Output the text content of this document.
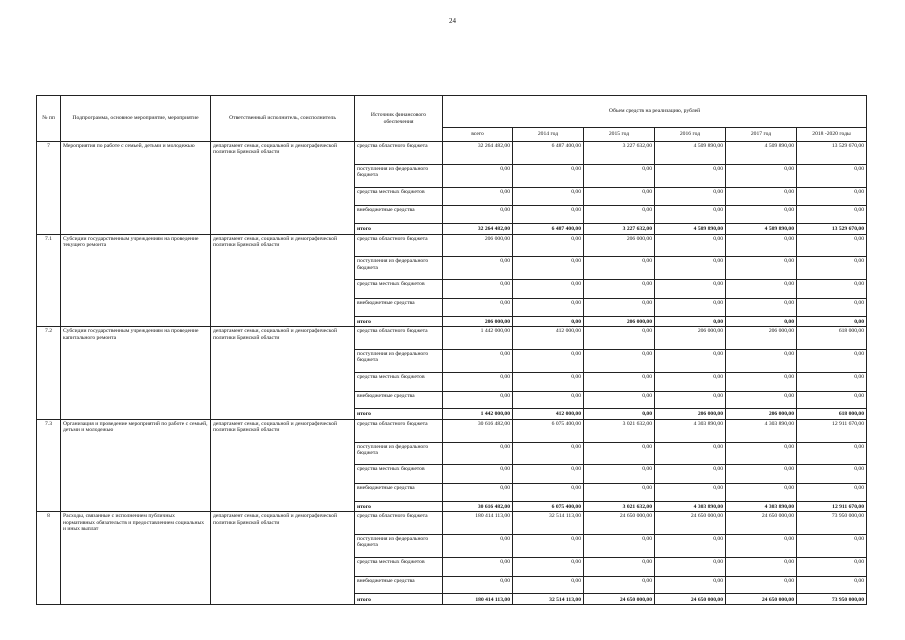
24
№ пп	Подпрограмма, основное мероприятие, мероприятие	Ответственный исполнитель, соисполнитель	Источник финансового обеспечения	Объем средств на реализацию, рублей					
				всего	2014 год	2015 год	2016 год	2017 год	2018 -2020 годы
7	Мероприятия по работе с семьей, детьми и молодежью	департамент семьи, социальной и демографической политики Брянской области	средства областного бюджета	32 264 482,00	6 487 400,00	3 227 632,00	4 509 890,00	4 509 890,00	13 529 670,00
			поступления из федерального бюджета	0,00	0,00	0,00	0,00	0,00	0,00
			средства местных бюджетов	0,00	0,00	0,00	0,00	0,00	0,00
			внебюджетные средства	0,00	0,00	0,00	0,00	0,00	0,00
			итого	32 264 482,00	6 487 400,00	3 227 632,00	4 509 890,00	4 509 890,00	13 529 670,00
7.1	Субсидии государственным учреждениям на проведение текущего ремонта	департамент семьи, социальной и демографической политики Брянской области	средства областного бюджета	206 000,00	0,00	206 000,00	0,00	0,00	0,00
			поступления из федерального бюджета	0,00	0,00	0,00	0,00	0,00	0,00
			средства местных бюджетов	0,00	0,00	0,00	0,00	0,00	0,00
			внебюджетные средства	0,00	0,00	0,00	0,00	0,00	0,00
			итого	206 000,00	0,00	206 000,00	0,00	0,00	0,00
7.2	Субсидии государственным учреждениям на проведение капитального ремонта	департамент семьи, социальной и демографической политики Брянской области	средства областного бюджета	1 442 000,00	412 000,00	0,00	206 000,00	206 000,00	618 000,00
			поступления из федерального бюджета	0,00	0,00	0,00	0,00	0,00	0,00
			средства местных бюджетов	0,00	0,00	0,00	0,00	0,00	0,00
			внебюджетные средства	0,00	0,00	0,00	0,00	0,00	0,00
			итого	1 442 000,00	412 000,00	0,00	206 000,00	206 000,00	618 000,00
7.3	Организация и проведение мероприятий по работе с семьей, детьми и молодежью	департамент семьи, социальной и демографической политики Брянской области	средства областного бюджета	30 616 482,00	6 075 400,00	3 021 632,00	4 303 890,00	4 303 890,00	12 911 670,00
			поступления из федерального бюджета	0,00	0,00	0,00	0,00	0,00	0,00
			средства местных бюджетов	0,00	0,00	0,00	0,00	0,00	0,00
			внебюджетные средства	0,00	0,00	0,00	0,00	0,00	0,00
			итого	30 616 482,00	6 075 400,00	3 021 632,00	4 303 890,00	4 303 890,00	12 911 670,00
8	Расходы, связанные с исполнением публичных нормативных обязательств и предоставлением социальных и иных выплат	департамент семьи, социальной и демографической политики Брянской области	средства областного бюджета	180 414 113,00	32 514 113,00	24 650 000,00	24 650 000,00	24 650 000,00	73 950 000,00
			поступления из федерального бюджета	0,00	0,00	0,00	0,00	0,00	0,00
			средства местных бюджетов	0,00	0,00	0,00	0,00	0,00	0,00
			внебюджетные средства	0,00	0,00	0,00	0,00	0,00	0,00
			итого	180 414 113,00	32 514 113,00	24 650 000,00	24 650 000,00	24 650 000,00	73 950 000,00
